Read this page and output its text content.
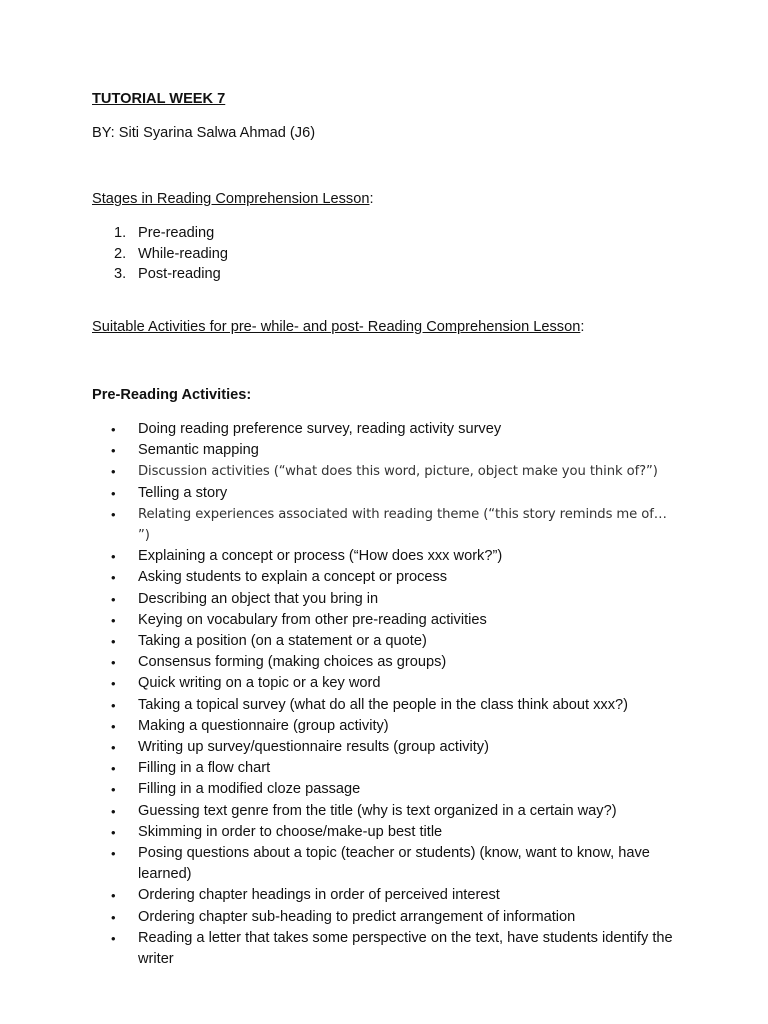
TUTORIAL WEEK 7
BY: Siti Syarina Salwa Ahmad (J6)
Stages in Reading Comprehension Lesson:
1. Pre-reading
2. While-reading
3. Post-reading
Suitable Activities for pre- while- and post- Reading Comprehension Lesson:
Pre-Reading Activities:
• Doing reading preference survey, reading activity survey
• Semantic mapping
• Discussion activities (“what does this word, picture, object make you think of?”)
• Telling a story
• Relating experiences associated with reading theme (“this story reminds me of… ”)
• Explaining a concept or process (“How does xxx work?”)
• Asking students to explain a concept or process
• Describing an object that you bring in
• Keying on vocabulary from other pre-reading activities
• Taking a position (on a statement or a quote)
• Consensus forming (making choices as groups)
• Quick writing on a topic or a key word
• Taking a topical survey (what do all the people in the class think about xxx?)
• Making a questionnaire (group activity)
• Writing up survey/questionnaire results (group activity)
• Filling in a flow chart
• Filling in a modified cloze passage
• Guessing text genre from the title (why is text organized in a certain way?)
• Skimming in order to choose/make-up best title
• Posing questions about a topic (teacher or students) (know, want to know, have learned)
• Ordering chapter headings in order of perceived interest
• Ordering chapter sub-heading to predict arrangement of information
• Reading a letter that takes some perspective on the text, have students identify the writer
